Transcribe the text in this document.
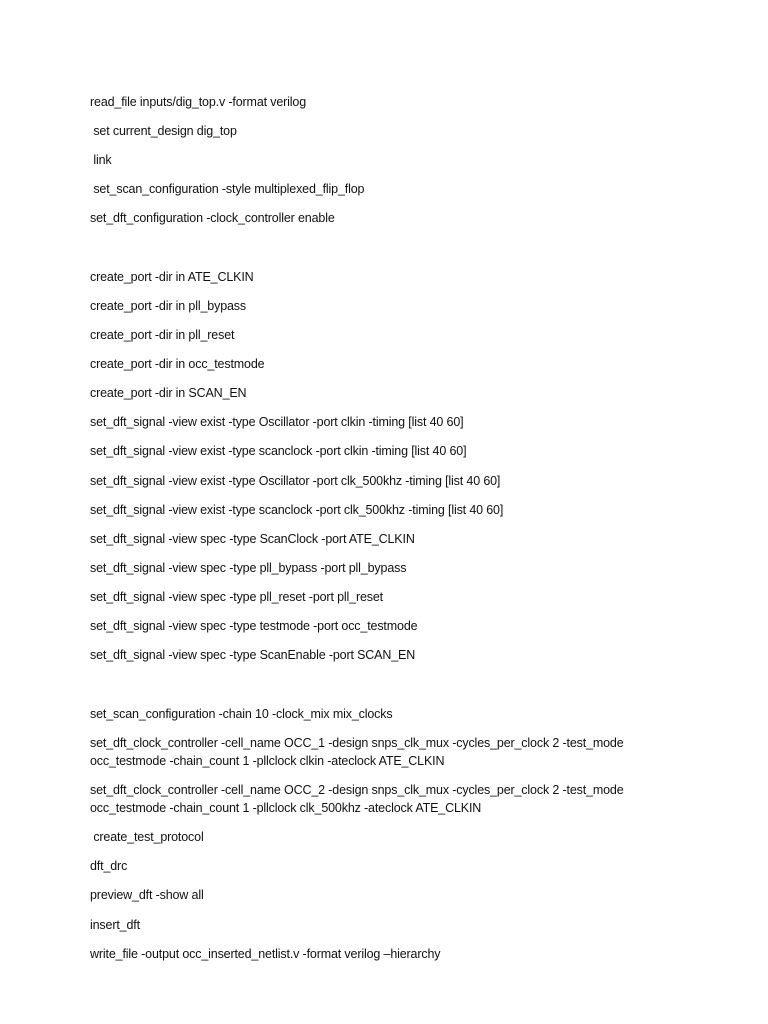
read_file inputs/dig_top.v -format verilog
set current_design dig_top
link
set_scan_configuration -style multiplexed_flip_flop
set_dft_configuration -clock_controller enable
create_port -dir in ATE_CLKIN
create_port -dir in pll_bypass
create_port -dir in pll_reset
create_port -dir in occ_testmode
create_port -dir in SCAN_EN
set_dft_signal -view exist -type Oscillator -port clkin -timing [list 40 60]
set_dft_signal -view exist -type scanclock -port clkin -timing [list 40 60]
set_dft_signal -view exist -type Oscillator -port clk_500khz -timing [list 40 60]
set_dft_signal -view exist -type scanclock -port clk_500khz -timing [list 40 60]
set_dft_signal -view spec -type ScanClock -port ATE_CLKIN
set_dft_signal -view spec -type pll_bypass -port pll_bypass
set_dft_signal -view spec -type pll_reset -port pll_reset
set_dft_signal -view spec -type testmode -port occ_testmode
set_dft_signal -view spec -type ScanEnable -port SCAN_EN
set_scan_configuration -chain 10 -clock_mix mix_clocks
set_dft_clock_controller -cell_name OCC_1 -design snps_clk_mux -cycles_per_clock 2 -test_mode
occ_testmode -chain_count 1 -pllclock clkin -ateclock ATE_CLKIN
set_dft_clock_controller -cell_name OCC_2 -design snps_clk_mux -cycles_per_clock 2 -test_mode
occ_testmode -chain_count 1 -pllclock clk_500khz -ateclock ATE_CLKIN
create_test_protocol
dft_drc
preview_dft -show all
insert_dft
write_file -output occ_inserted_netlist.v -format verilog –hierarchy
